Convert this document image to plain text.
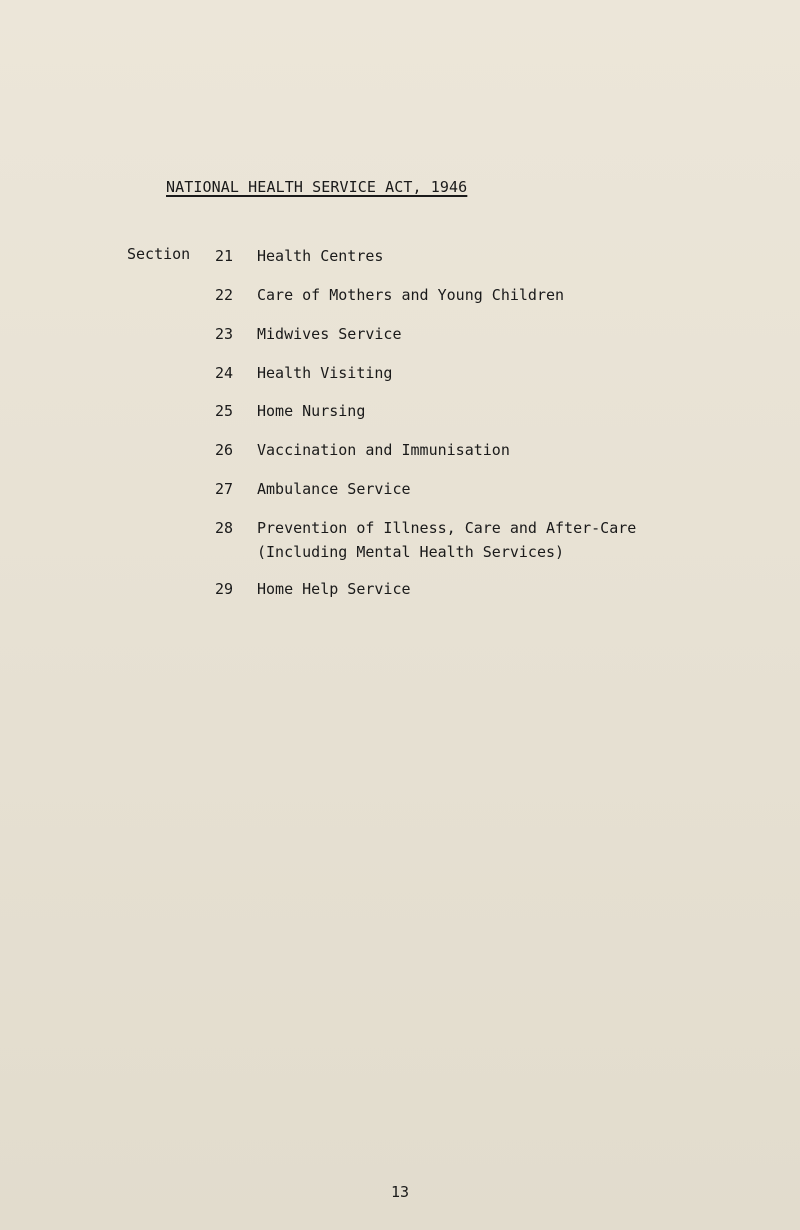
NATIONAL HEALTH SERVICE ACT, 1946
Section	21 Health Centres
22 Care of Mothers and Young Children
23 Midwives Service
24 Health Visiting
25 Home Nursing
26 Vaccination and Immunisation
27 Ambulance Service
28 Prevention of Illness, Care and After-Care
(Including Mental Health Services)
29 Home Help Service
13
